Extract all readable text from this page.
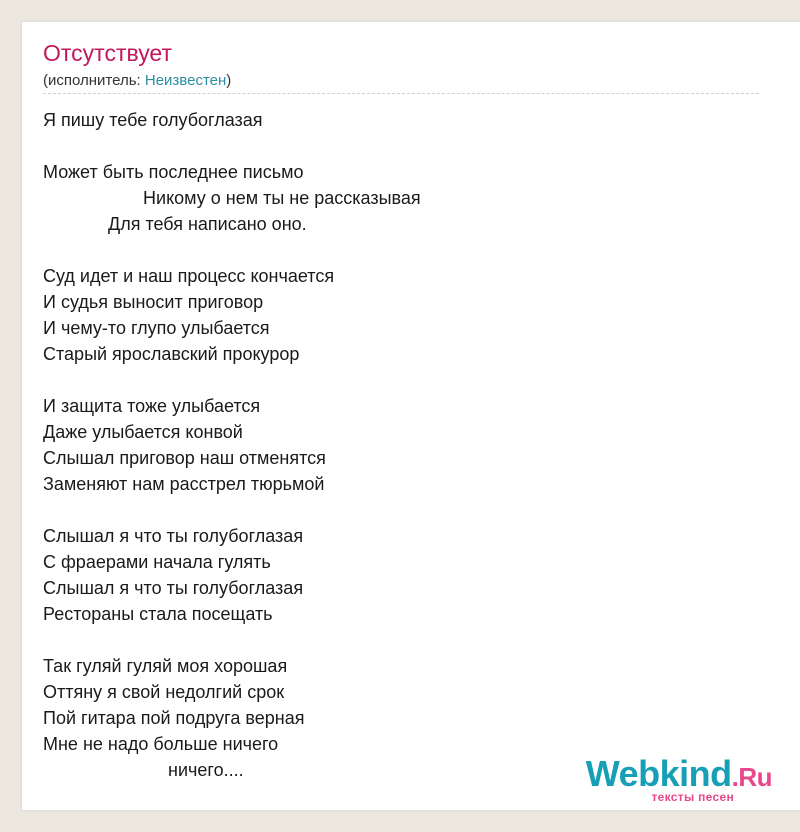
Отсутствует
(исполнитель: Неизвестен)
Я пишу тебе голубоглазая
Может быть последнее письмо
Никому о нем ты не рассказывая
Для тебя написано оно.
Суд идет и наш процесс кончается
И судья выносит приговор
И чему-то глупо улыбается
Старый ярославский прокурор
И защита тоже улыбается
Даже улыбается конвой
Слышал приговор наш отменятся
Заменяют нам расстрел тюрьмой
Слышал я что ты голубоглазая
С фраерами начала гулять
Слышал я что ты голубоглазая
Рестораны стала посещать
Так гуляй гуляй моя хорошая
Оттяну я свой недолгий срок
Пой гитара пой подруга верная
Мне не надо больше ничего
ничего....	Webkind.Ru
тексты песен
